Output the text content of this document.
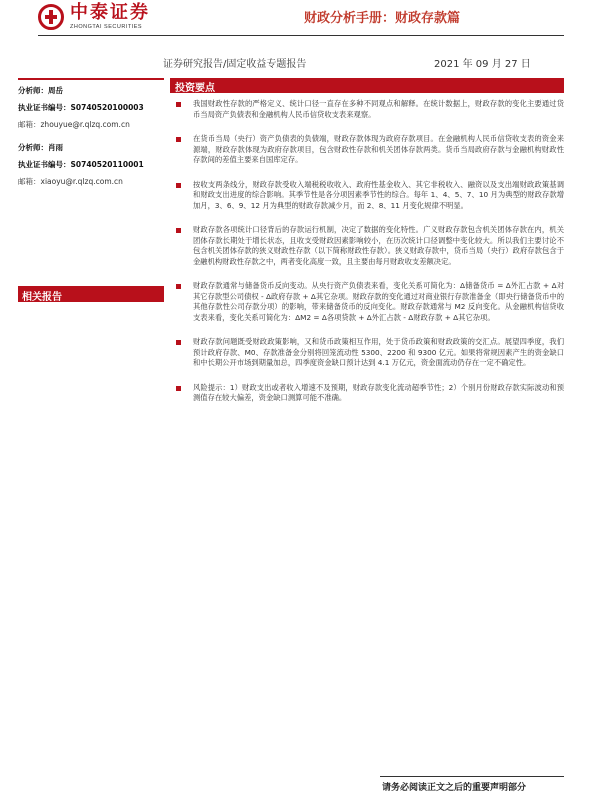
中泰证券
ZHONGTAI SECURITIES
财政分析手册：财政存款篇
证券研究报告/固定收益专题报告	2021 年 09 月 27 日
分析师：周岳
执业证书编号：S0740520100003
邮箱：zhouyue@r.qlzq.com.cn
分析师：肖雨
执业证书编号：S0740520110001
邮箱：xiaoyu@r.qlzq.com.cn
相关报告
投资要点
我国财政性存款的严格定义、统计口径一直存在多种不同观点和解释。在统计数据上，财政存款的变化主要通过货币当局资产负债表和金融机构人民币信贷收支表来观察。
在货币当局（央行）资产负债表的负债端，财政存款体现为政府存款项目。在金融机构人民币信贷收支表的资金来源端，财政存款体现为政府存款项目，包含财政性存款和机关团体存款两类。货币当局政府存款与金融机构财政性存款间的差值主要来自国库定存。
按收支两条线分，财政存款受收入端税税收收入、政府性基金收入、其它非税收入、融资以及支出端财政政策基调和财政支出进度的综合影响。其季节性是各分项因素季节性的综合。每年 1、4、5、7、10 月为典型的财政存款增加月，3、6、9、12 月为典型的财政存款减少月，而 2、8、11 月变化规律不明显。
财政存款各项统计口径背后的存款运行机制，决定了数据的变化特性。广义财政存款包含机关团体存款在内，机关团体存款长期处于增长状态，且收支受财政因素影响较小，在历次统计口径调整中变化较大。所以我们主要讨论不包含机关团体存款的狭义财政性存款（以下简称财政性存款）。狭义财政存款中，货币当局（央行）政府存款包含于金融机构财政性存款之中，两者变化高度一致，且主要由每月财政收支差额决定。
财政存款通常与储备货币反向变动。从央行资产负债表来看，变化关系可简化为：Δ储备货币 = Δ外汇占款 + Δ对其它存款型公司债权 - Δ政府存款 + Δ其它杂项。财政存款的变化通过对商业银行存款准备金（即央行储备货币中的其他存款性公司存款分项）的影响，带来储备货币的反向变化。财政存款通常与 M2 反向变化。从金融机构信贷收支表来看，变化关系可简化为：ΔM2 = Δ各项贷款 + Δ外汇占款 - Δ财政存款 + Δ其它杂项。
财政存款问题既受财政政策影响，又和货币政策相互作用，处于货币政策和财政政策的交汇点。展望四季度，我们预计政府存款、M0、存款准备金分别将回笼流动性 5300、2200 和 9300 亿元。如果将常规因素产生的资金缺口和中长期公开市场到期量加总，四季度资金缺口预计达到 4.1 万亿元，资金面流动仍存在一定不确定性。
风险提示：1）财政支出或者收入增速不及预期，财政存款变化流动超季节性；2）个别月份财政存款实际波动和预测值存在较大偏差，资金缺口测算可能不准确。
请务必阅读正文之后的重要声明部分
